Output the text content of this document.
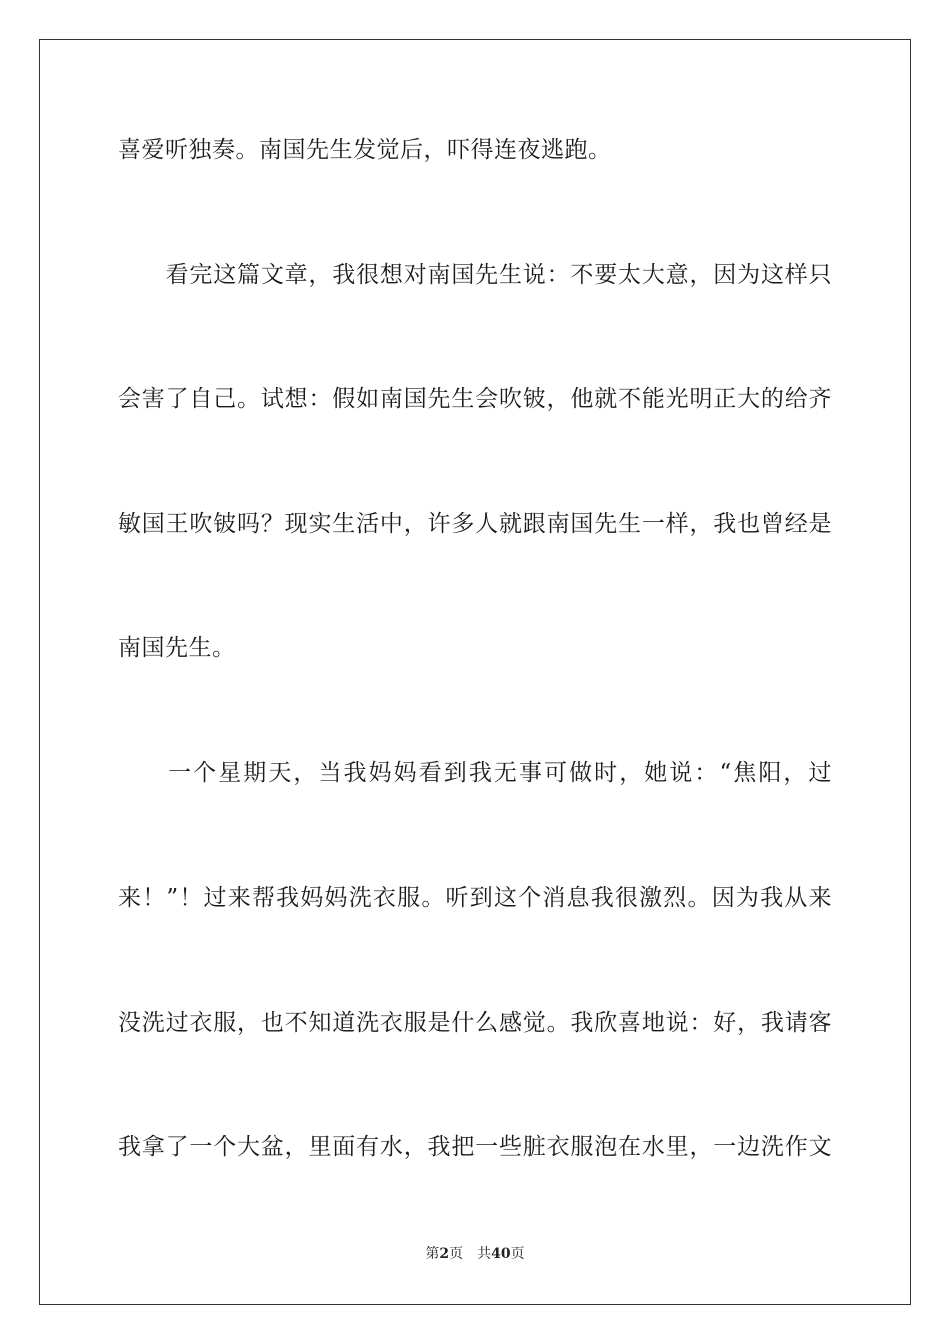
喜爱听独奏。南国先生发觉后，吓得连夜逃跑。
　　看完这篇文章，我很想对南国先生说：不要太大意，因为这样只
会害了自己。试想：假如南国先生会吹铍，他就不能光明正大的给齐
敏国王吹铍吗？现实生活中，许多人就跟南国先生一样，我也曾经是
南国先生。
　　一个星期天，当我妈妈看到我无事可做时，她说：“焦阳，过
来！”！过来帮我妈妈洗衣服。听到这个消息我很激烈。因为我从来
没洗过衣服，也不知道洗衣服是什么感觉。我欣喜地说：好，我请客
我拿了一个大盆，里面有水，我把一些脏衣服泡在水里，一边洗作文
第2页 共40页
